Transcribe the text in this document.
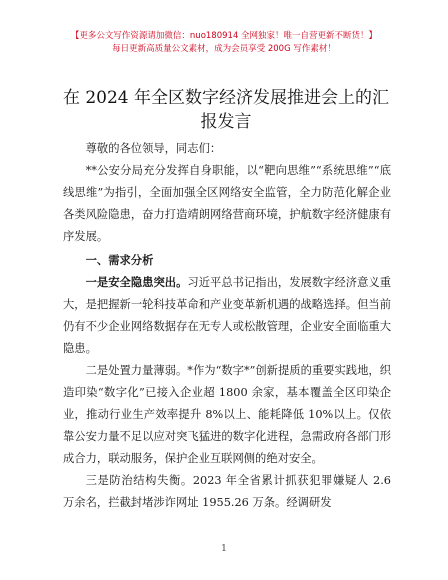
【更多公文写作资源请加微信：nuo180914 全网独家！唯一自营更新不断货！】
每日更新高质量公文素材，成为会员享受 200G 写作素材！
在 2024 年全区数字经济发展推进会上的汇报发言

尊敬的各位领导，同志们：

**公安分局充分发挥自身职能，以“靶向思维”“系统思维”“底线思维”为指引，全面加强全区网络安全监管，全力防范化解企业各类风险隐患，奋力打造靖朗网络营商环境，护航数字经济健康有序发展。

一、需求分析

一是安全隐患突出。习近平总书记指出，发展数字经济意义重大，是把握新一轮科技革命和产业变革新机遇的战略选择。但当前仍有不少企业网络数据存在无专人或松散管理，企业安全面临重大隐患。

二是处置力量薄弱。*作为“数字*”创新提质的重要实践地，织造印染“数字化”已接入企业超 1800 余家，基本覆盖全区印染企业，推动行业生产效率提升 8%以上、能耗降低 10%以上。仅依靠公安力量不足以应对突飞猛进的数字化进程，急需政府各部门形成合力，联动服务，保护企业互联网侧的绝对安全。

三是防治结构失衡。2023 年全省累计抓获犯罪嫌疑人 2.6 万余名，拦截封堵涉诈网址 1955.26 万条。经调研发

1
